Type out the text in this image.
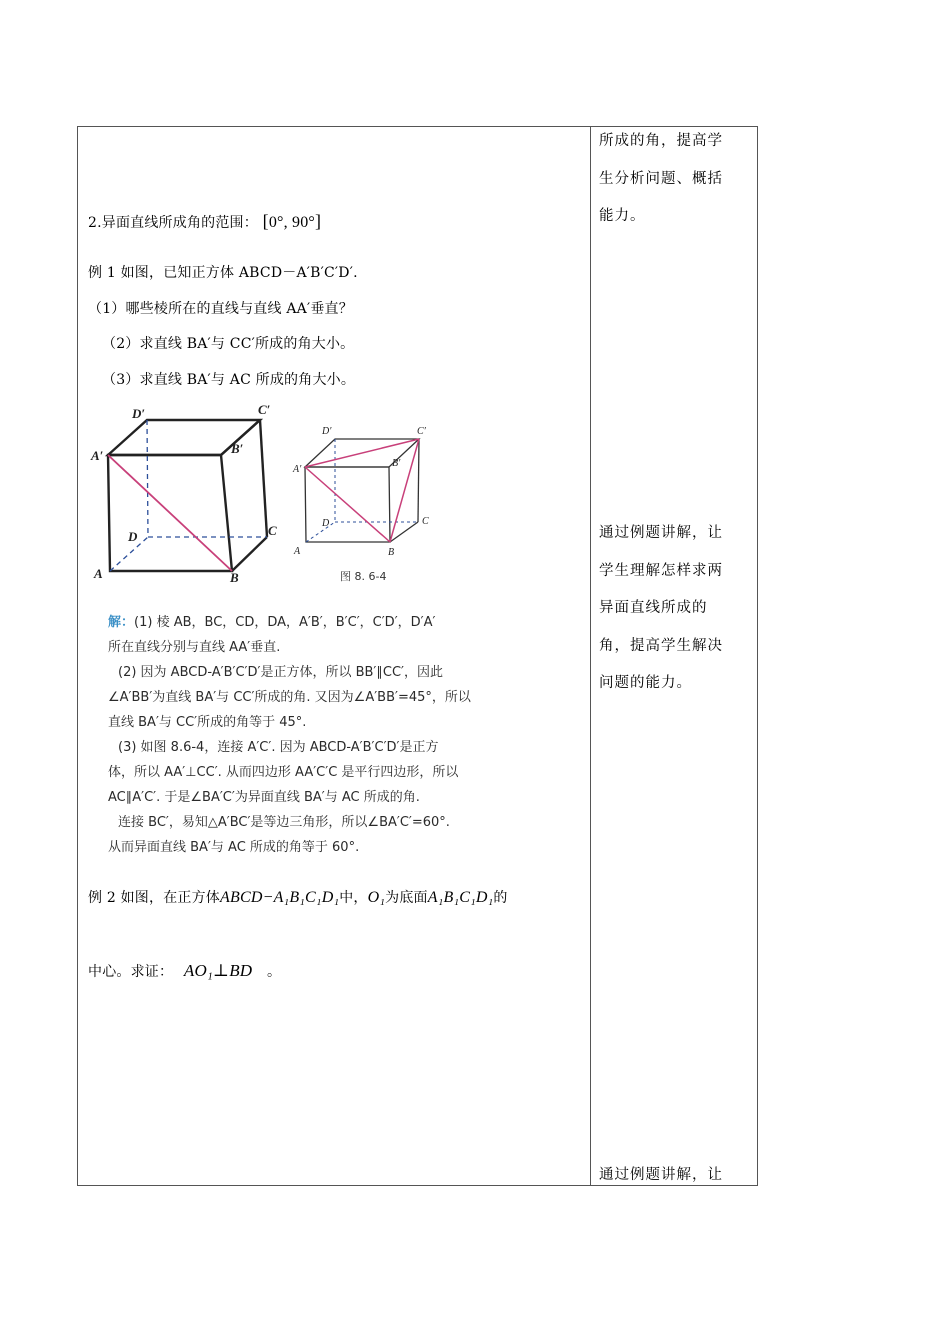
2.异面直线所成角的范围： [0°, 90°]
例 1 如图，已知正方体 ABCD－A′B′C′D′.
（1）哪些棱所在的直线与直线 AA′垂直？
（2）求直线 BA′与 CC′所成的角大小。
（3）求直线 BA′与 AC 所成的角大小。
D′	C′
A′	B′
C
D
A	B
D′	C′
A′
B′
C
D
A	B
图 8. 6-4
解：(1) 棱 AB，BC，CD，DA，A′B′，B′C′，C′D′，D′A′
所在直线分别与直线 AA′垂直.
(2) 因为 ABCD-A′B′C′D′是正方体，所以 BB′∥CC′，因此
∠A′BB′为直线 BA′与 CC′所成的角. 又因为∠A′BB′=45°，所以
直线 BA′与 CC′所成的角等于 45°.
(3) 如图 8.6-4，连接 A′C′. 因为 ABCD-A′B′C′D′是正方
体，所以 AA′⊥CC′. 从而四边形 AA′C′C 是平行四边形，所以
AC∥A′C′. 于是∠BA′C′为异面直线 BA′与 AC 所成的角.
连接 BC′，易知△A′BC′是等边三角形，所以∠BA′C′=60°.
从而异面直线 BA′与 AC 所成的角等于 60°.
例 2 如图，在正方体ABCD−A₁B₁C₁D₁中，O₁为底面A₁B₁C₁D₁的
中心。求证： AO₁⊥BD 。
所成的角，提高学
生分析问题、概括
能力。
通过例题讲解，让
学生理解怎样求两
异面直线所成的
角，提高学生解决
问题的能力。
通过例题讲解，让
